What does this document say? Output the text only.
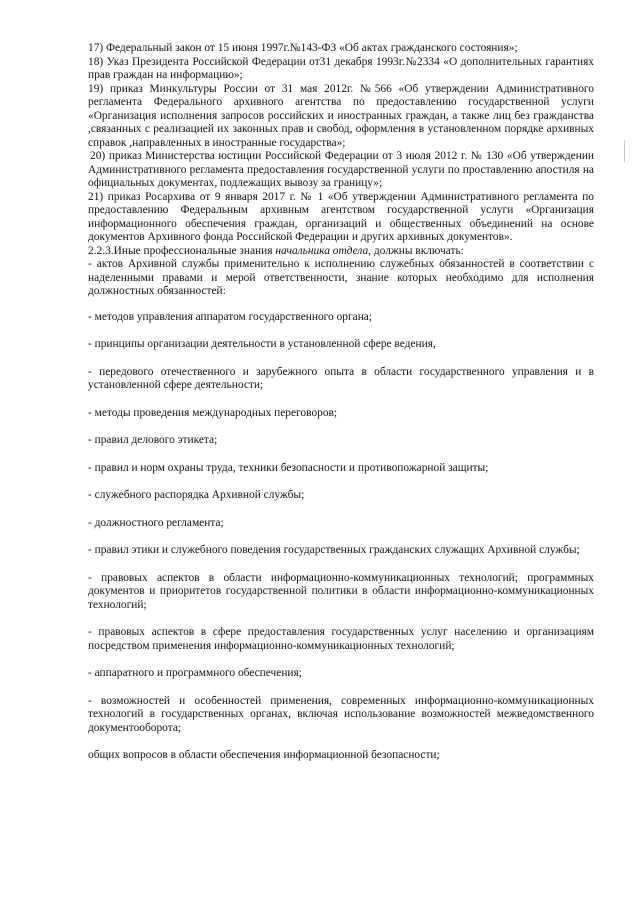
17) Федеральный закон от 15 июня 1997г.№143-ФЗ «Об актах гражданского состояния»;

18) Указ Президента Российской Федерации от31 декабря 1993г.№2334 «О дополнительных гарантиях прав граждан на информацию»;

19) приказ Минкультуры России от 31 мая 2012г. №566 «Об утверждении Административного регламента Федерального архивного агентства по предоставлению государственной услуги «Организация исполнения запросов российских и иностранных граждан, а также лиц без гражданства ,связанных с реализацией их законных прав и свобод, оформления в установленном порядке архивных справок ,направленных в иностранные государства»;

20) приказ Министерства юстиции Российской Федерации от 3 июля 2012 г. № 130 «Об утверждении Административного регламента предоставления государственной услуги по проставлению апостиля на официальных документах, подлежащих вывозу за границу»;

21) приказ Росархива от 9 января 2017 г. № 1 «Об утверждении Административного регламента по предоставлению Федеральным архивным агентством государственной услуги «Организация информационного обеспечения граждан, организаций и общественных объединений на основе документов Архивного фонда Российской Федерации и других архивных документов».

2.2.3.Иные профессиональные знания начальника отдела, должны включать:

- актов Архивной службы применительно к исполнению служебных обязанностей в соответствии с наделенными правами и мерой ответственности, знание которых необходимо для исполнения должностных обязанностей:

- методов управления аппаратом государственного органа;

- принципы организации деятельности в установленной сфере ведения,

- передового отечественного и зарубежного опыта в области государственного управления и в установленной сфере деятельности;

- методы проведения международных переговоров;

- правил делового этикета;

- правил и норм охраны труда, техники безопасности и противопожарной защиты;

- служебного распорядка Архивной службы;

- должностного регламента;

- правил этики и служебного поведения государственных гражданских служащих Архивной службы;

- правовых аспектов в области информационно-коммуникационных технологий; программных документов и приоритетов государственной политики в области информационно-коммуникационных технологий;

- правовых аспектов в сфере предоставления государственных услуг населению и организациям посредством применения информационно-коммуникационных технологий;

- аппаратного и программного обеспечения;

- возможностей и особенностей применения, современных информационно-коммуникационных технологий в государственных органах, включая использование возможностей межведомственного документооборота;

общих вопросов в области обеспечения информационной безопасности;
